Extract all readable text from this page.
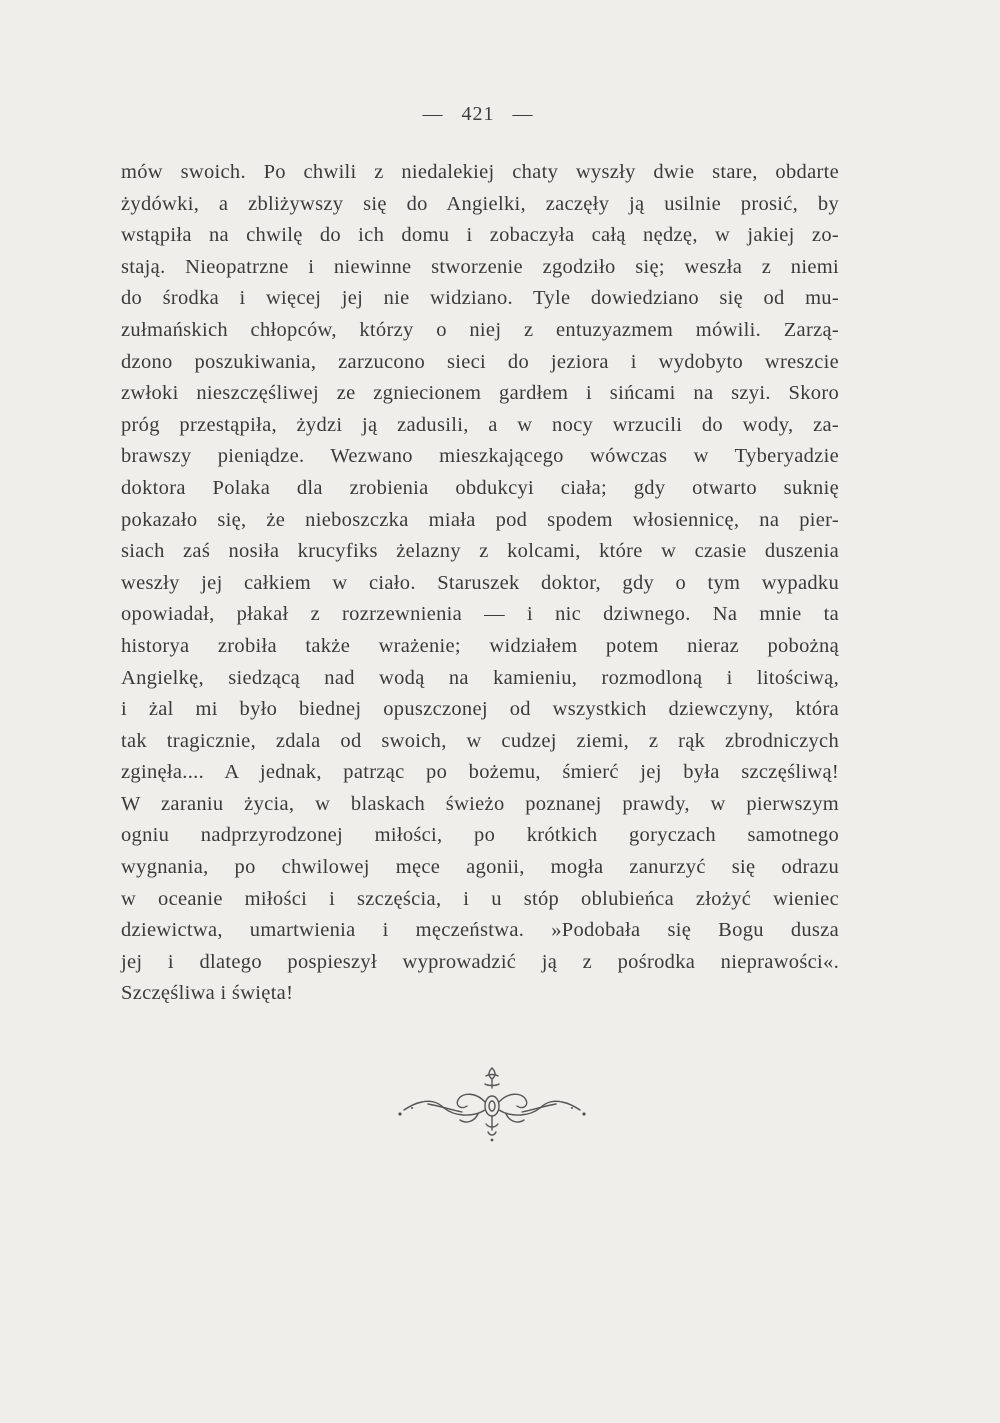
— 421 —
mów swoich. Po chwili z niedalekiej chaty wyszły dwie stare, obdarte
żydówki, a zbliżywszy się do Angielki, zaczęły ją usilnie prosić, by
wstąpiła na chwilę do ich domu i zobaczyła całą nędzę, w jakiej zo-
stają. Nieopatrzne i niewinne stworzenie zgodziło się; weszła z niemi
do środka i więcej jej nie widziano. Tyle dowiedziano się od mu-
zułmańskich chłopców, którzy o niej z entuzyazmem mówili. Zarzą-
dzono poszukiwania, zarzucono sieci do jeziora i wydobyto wreszcie
zwłoki nieszczęśliwej ze zgniecionem gardłem i sińcami na szyi. Skoro
próg przestąpiła, żydzi ją zadusili, a w nocy wrzucili do wody, za-
brawszy pieniądze. Wezwano mieszkającego wówczas w Tyberyadzie
doktora Polaka dla zrobienia obdukcyi ciała; gdy otwarto suknię
pokazało się, że nieboszczka miała pod spodem włosiennicę, na pier-
siach zaś nosiła krucyfiks żelazny z kolcami, które w czasie duszenia
weszły jej całkiem w ciało. Staruszek doktor, gdy o tym wypadku
opowiadał, płakał z rozrzewnienia — i nic dziwnego. Na mnie ta
historya zrobiła także wrażenie; widziałem potem nieraz pobożną
Angielkę, siedzącą nad wodą na kamieniu, rozmodloną i litościwą,
i żal mi było biednej opuszczonej od wszystkich dziewczyny, która
tak tragicznie, zdala od swoich, w cudzej ziemi, z rąk zbrodniczych
zginęła.... A jednak, patrząc po bożemu, śmierć jej była szczęśliwą!
W zaraniu życia, w blaskach świeżo poznanej prawdy, w pierwszym
ogniu nadprzyrodzonej miłości, po krótkich goryczach samotnego
wygnania, po chwilowej męce agonii, mogła zanurzyć się odrazu
w oceanie miłości i szczęścia, i u stóp oblubieńca złożyć wieniec
dziewictwa, umartwienia i męczeństwa. »Podobała się Bogu dusza
jej i dlatego pospieszył wyprowadzić ją z pośrodka nieprawości«.
Szczęśliwa i święta!
